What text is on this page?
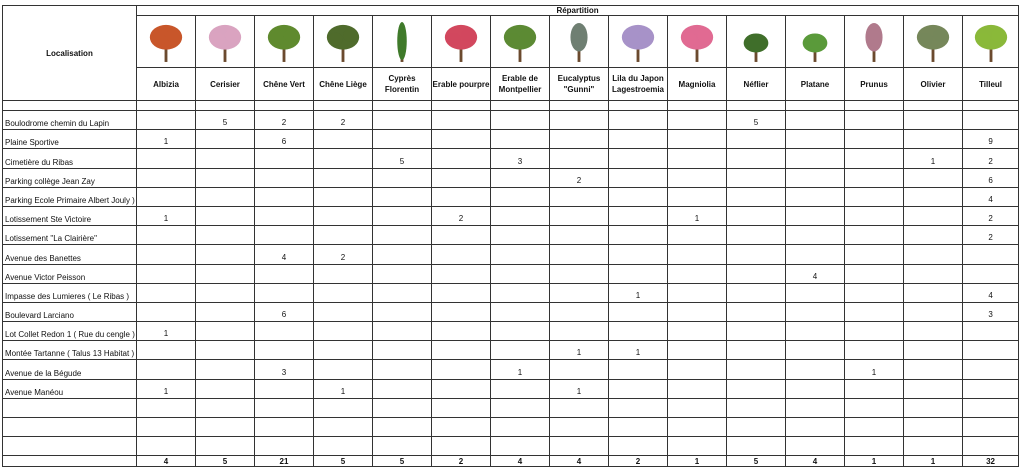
Localisation	Répartition														

	Albizia	Cerisier	Chêne Vert	Chêne Liège	Cyprès Florentin	Erable pourpre	Erable de Montpellier	Eucalyptus "Gunni"	Lila du Japon Lagestroemia	Magniolia	Néflier	Platane	Prunus	Olivier	Tilleul

Boulodrome chemin du Lapin		5	2	2							5				
Plaine Sportive	1		6												9
Cimetière du Ribas					5		3							1	2
Parking collège Jean Zay								2							6
Parking Ecole Primaire Albert Jouly )															4
Lotissement Ste Victoire	1					2				1					2
Lotissement "La Clairière"															2
Avenue des Banettes			4	2											
Avenue Victor Peisson												4			
Impasse des Lumieres ( Le Ribas )									1						4
Boulevard Larciano			6												3
Lot Collet Redon 1 ( Rue du cengle )	1														
Montée Tartanne ( Talus 13 Habitat )								1	1						
Avenue de la Bégude			3				1						1		
Avenue Manéou	1			1				1							

	4	5	21	5	5	2	4	4	2	1	5	4	1	1	32
